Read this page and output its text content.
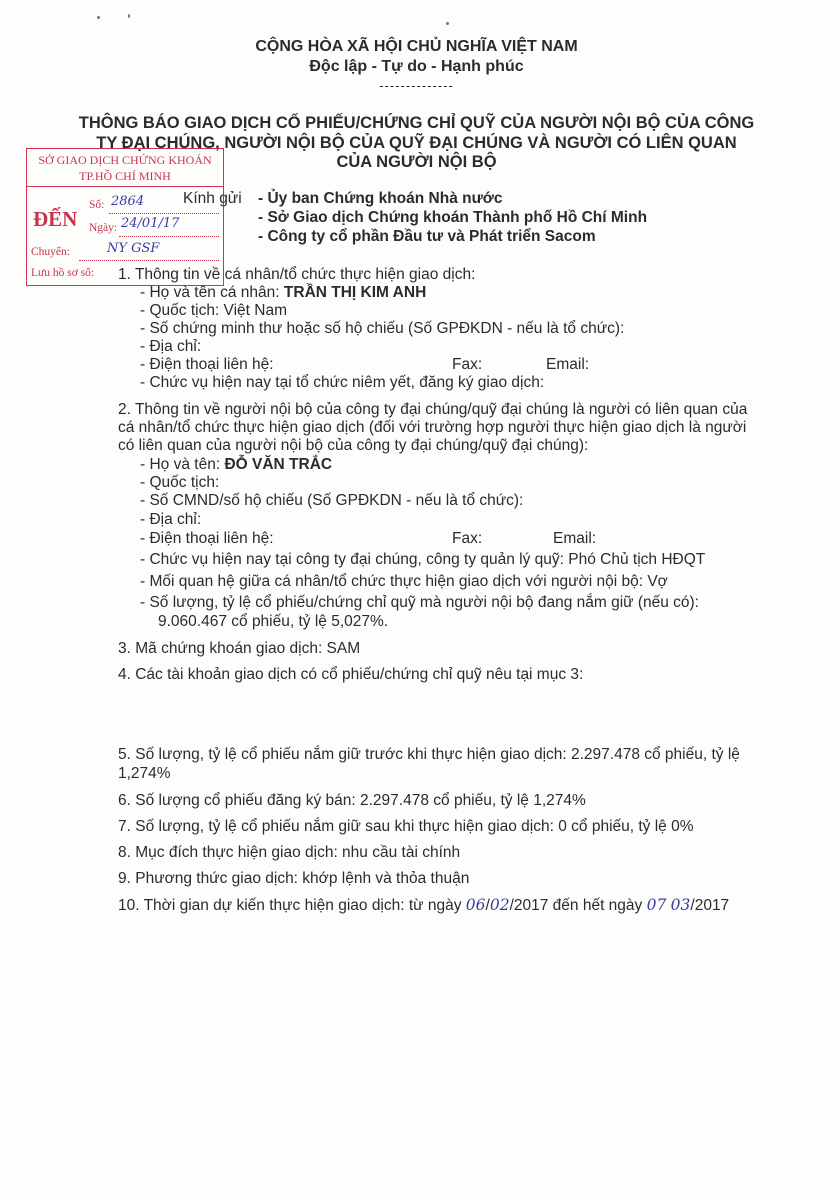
CỘNG HÒA XÃ HỘI CHỦ NGHĨA VIỆT NAM
Độc lập - Tự do - Hạnh phúc
--------------
THÔNG BÁO GIAO DỊCH CỔ PHIẾU/CHỨNG CHỈ QUỸ CỦA NGƯỜI NỘI BỘ CỦA CÔNG
TY ĐẠI CHÚNG, NGƯỜI NỘI BỘ CỦA QUỸ ĐẠI CHÚNG VÀ NGƯỜI CÓ LIÊN QUAN
CỦA NGƯỜI NỘI BỘ
SỞ GIAO DỊCH CHỨNG KHOÁN
TP.HỒ CHÍ MINH
ĐẾN
Số: 2864
Ngày: 24/01/17
Chuyển:	NY GSF
Lưu hồ sơ số:
Kính gửi - Ủy ban Chứng khoán Nhà nước
- Sở Giao dịch Chứng khoán Thành phố Hồ Chí Minh
- Công ty cổ phần Đầu tư và Phát triển Sacom
1. Thông tin về cá nhân/tổ chức thực hiện giao dịch:
- Họ và tên cá nhân: TRẦN THỊ KIM ANH
- Quốc tịch: Việt Nam
- Số chứng minh thư hoặc số hộ chiếu (Số GPĐKDN - nếu là tổ chức):
- Địa chỉ:
- Điện thoại liên hệ:	Fax:	Email:
- Chức vụ hiện nay tại tổ chức niêm yết, đăng ký giao dịch:
2. Thông tin về người nội bộ của công ty đại chúng/quỹ đại chúng là người có liên quan của
cá nhân/tổ chức thực hiện giao dịch (đối với trường hợp người thực hiện giao dịch là người
có liên quan của người nội bộ của công ty đại chúng/quỹ đại chúng):
- Họ và tên: ĐỖ VĂN TRẮC
- Quốc tịch:
- Số CMND/số hộ chiếu (Số GPĐKDN - nếu là tổ chức):
- Địa chỉ:
- Điện thoại liên hệ:	Fax:	Email:
- Chức vụ hiện nay tại công ty đại chúng, công ty quản lý quỹ: Phó Chủ tịch HĐQT
- Mối quan hệ giữa cá nhân/tổ chức thực hiện giao dịch với người nội bộ: Vợ
- Số lượng, tỷ lệ cổ phiếu/chứng chỉ quỹ mà người nội bộ đang nắm giữ (nếu có):
9.060.467 cổ phiếu, tỷ lệ 5,027%.
3. Mã chứng khoán giao dịch: SAM
4. Các tài khoản giao dịch có cổ phiếu/chứng chỉ quỹ nêu tại mục 3:
5. Số lượng, tỷ lệ cổ phiếu nắm giữ trước khi thực hiện giao dịch: 2.297.478 cổ phiếu, tỷ lệ
1,274%
6. Số lượng cổ phiếu đăng ký bán: 2.297.478 cổ phiếu, tỷ lệ 1,274%
7. Số lượng, tỷ lệ cổ phiếu nắm giữ sau khi thực hiện giao dịch: 0 cổ phiếu, tỷ lệ 0%
8. Mục đích thực hiện giao dịch: nhu cầu tài chính
9. Phương thức giao dịch: khớp lệnh và thỏa thuận
10. Thời gian dự kiến thực hiện giao dịch: từ ngày 06/02/2017 đến hết ngày 07 03/2017
